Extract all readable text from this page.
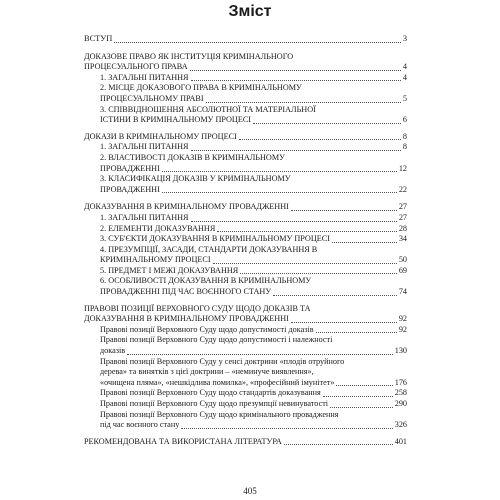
Зміст
ВСТУП	3
ДОКАЗОВЕ ПРАВО ЯК ІНСТИТУЦІЯ КРИМІНАЛЬНОГО
ПРОЦЕСУАЛЬНОГО ПРАВА	4
1. ЗАГАЛЬНІ ПИТАННЯ	4
2. МІСЦЕ ДОКАЗОВОГО ПРАВА В КРИМІНАЛЬНОМУ
ПРОЦЕСУАЛЬНОМУ ПРАВІ	5
3. СПІВВІДНОШЕННЯ АБСОЛЮТНОЇ ТА МАТЕРІАЛЬНОЇ
ІСТИНИ В КРИМІНАЛЬНОМУ ПРОЦЕСІ	6
ДОКАЗИ В КРИМІНАЛЬНОМУ ПРОЦЕСІ	8
1. ЗАГАЛЬНІ ПИТАННЯ	8
2. ВЛАСТИВОСТІ ДОКАЗІВ В КРИМІНАЛЬНОМУ
ПРОВАДЖЕННІ	12
3. КЛАСИФІКАЦІЯ ДОКАЗІВ У КРИМІНАЛЬНОМУ
ПРОВАДЖЕННІ	22
ДОКАЗУВАННЯ В КРИМІНАЛЬНОМУ ПРОВАДЖЕННІ	27
1. ЗАГАЛЬНІ ПИТАННЯ	27
2. ЕЛЕМЕНТИ ДОКАЗУВАННЯ	28
3. СУБ'ЄКТИ ДОКАЗУВАННЯ В КРИМІНАЛЬНОМУ ПРОЦЕСІ	34
4. ПРЕЗУМПЦІЇ, ЗАСАДИ, СТАНДАРТИ ДОКАЗУВАННЯ В
КРИМІНАЛЬНОМУ ПРОЦЕСІ	50
5. ПРЕДМЕТ І МЕЖІ ДОКАЗУВАННЯ	69
6. ОСОБЛИВОСТІ ДОКАЗУВАННЯ В КРИМІНАЛЬНОМУ
ПРОВАДЖЕННІ ПІД ЧАС ВОЄННОГО СТАНУ	74
ПРАВОВІ ПОЗИЦІЇ ВЕРХОВНОГО СУДУ ЩОДО ДОКАЗІВ ТА
ДОКАЗУВАННЯ В КРИМІНАЛЬНОМУ ПРОВАДЖЕННІ	92
Правові позиції Верховного Суду щодо допустимості доказів	92
Правові позиції Верховного Суду щодо допустимості і належності
доказів	130
Правові позиції Верховного Суду у сенсі доктрини «плодів отруйного
дерева» та винятків з цієї доктрини – «неминуче виявлення»,
«очищена пляма», «нешкідлива помилка», «професійний імунітет»	176
Правові позиції Верховного Суду щодо стандартів доказування	258
Правові позиції Верховного Суду щодо презумпції невинуватості	290
Правові позиції Верховного Суду щодо кримінального провадження
під час воєнного стану	326
РЕКОМЕНДОВАНА ТА ВИКОРИСТАНА ЛІТЕРАТУРА	401
405
